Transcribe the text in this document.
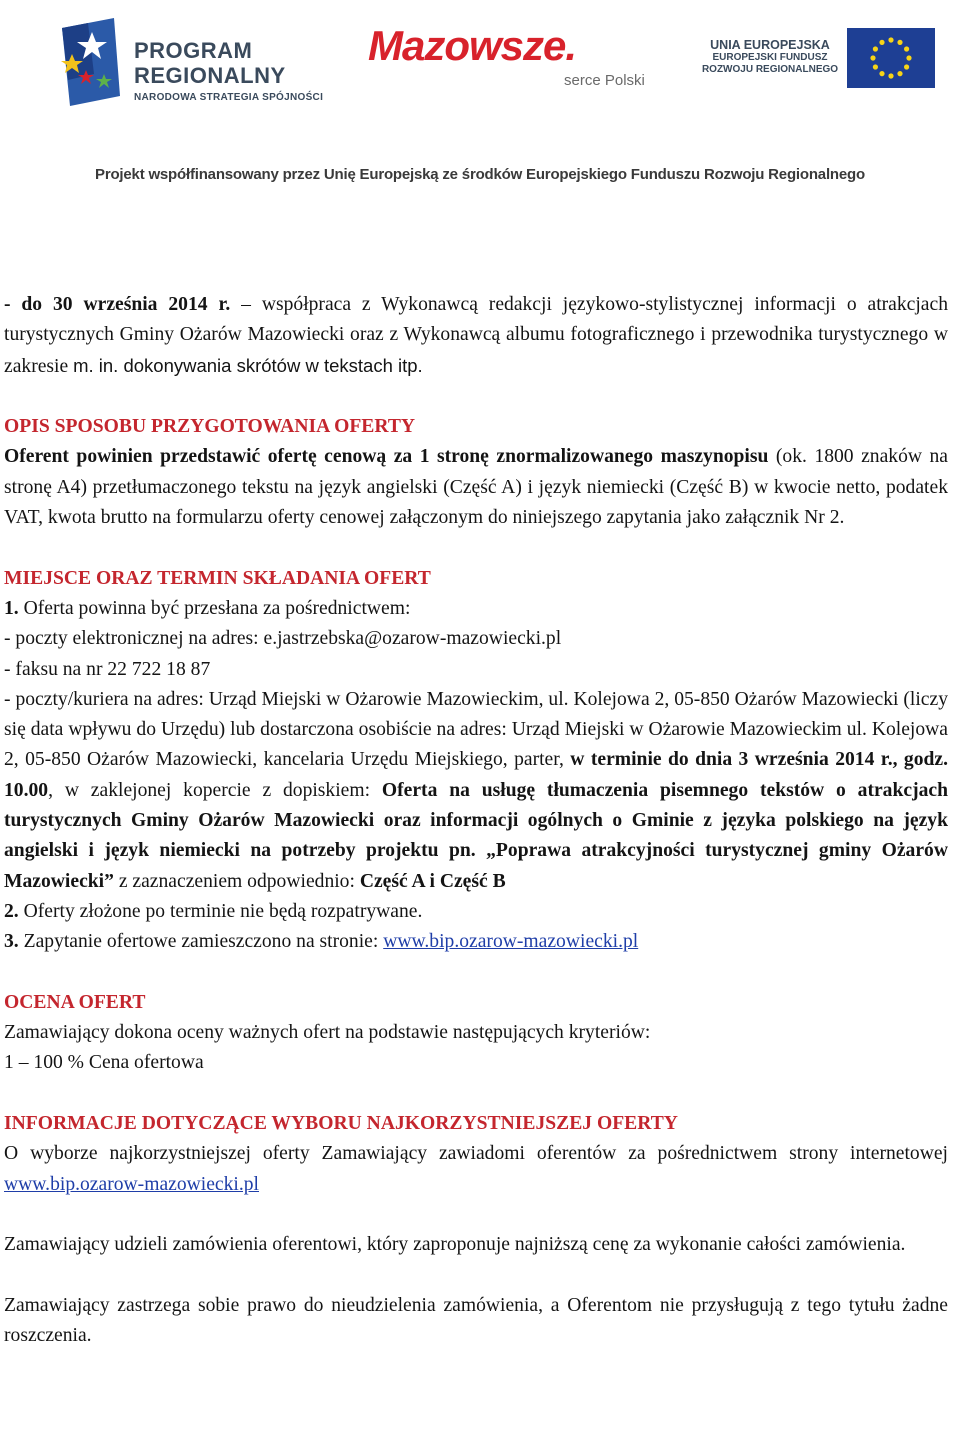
PROGRAM
REGIONALNY
NARODOWA STRATEGIA SPÓJNOŚCI
Mazowsze.
serce Polski
UNIA EUROPEJSKA
EUROPEJSKI FUNDUSZ
ROZWOJU REGIONALNEGO
Projekt współfinansowany przez Unię Europejską ze środków Europejskiego Funduszu Rozwoju Regionalnego

- do 30 września 2014 r. – współpraca z Wykonawcą redakcji językowo-stylistycznej informacji o atrakcjach turystycznych Gminy Ożarów Mazowiecki oraz z Wykonawcą albumu fotograficznego i przewodnika turystycznego w zakresie m. in. dokonywania skrótów w tekstach itp.

OPIS SPOSOBU PRZYGOTOWANIA OFERTY

Oferent powinien przedstawić ofertę cenową za 1 stronę znormalizowanego maszynopisu (ok. 1800 znaków na stronę A4) przetłumaczonego tekstu na język angielski (Część A) i język niemiecki (Część B) w kwocie netto, podatek VAT, kwota brutto na formularzu oferty cenowej załączonym do niniejszego zapytania jako załącznik Nr 2.

MIEJSCE ORAZ TERMIN SKŁADANIA OFERT

1. Oferta powinna być przesłana za pośrednictwem:

- poczty elektronicznej na adres: e.jastrzebska@ozarow-mazowiecki.pl

- faksu na nr 22 722 18 87

- poczty/kuriera na adres: Urząd Miejski w Ożarowie Mazowieckim, ul. Kolejowa 2, 05-850 Ożarów Mazowiecki (liczy się data wpływu do Urzędu) lub dostarczona osobiście na adres: Urząd Miejski w Ożarowie Mazowieckim ul. Kolejowa 2, 05-850 Ożarów Mazowiecki, kancelaria Urzędu Miejskiego, parter, w terminie do dnia 3 września 2014 r., godz. 10.00, w zaklejonej kopercie z dopiskiem: Oferta na usługę tłumaczenia pisemnego tekstów o atrakcjach turystycznych Gminy Ożarów Mazowiecki oraz informacji ogólnych o Gminie z języka polskiego na język angielski i język niemiecki na potrzeby projektu pn. „Poprawa atrakcyjności turystycznej gminy Ożarów Mazowiecki” z zaznaczeniem odpowiednio: Część A i Część B

2. Oferty złożone po terminie nie będą rozpatrywane.

3. Zapytanie ofertowe zamieszczono na stronie: www.bip.ozarow-mazowiecki.pl

OCENA OFERT

Zamawiający dokona oceny ważnych ofert na podstawie następujących kryteriów:

1 – 100 % Cena ofertowa

INFORMACJE DOTYCZĄCE WYBORU NAJKORZYSTNIEJSZEJ OFERTY

O wyborze najkorzystniejszej oferty Zamawiający zawiadomi oferentów za pośrednictwem strony internetowej www.bip.ozarow-mazowiecki.pl

Zamawiający udzieli zamówienia oferentowi, który zaproponuje najniższą cenę za wykonanie całości zamówienia.

Zamawiający zastrzega sobie prawo do nieudzielenia zamówienia, a Oferentom nie przysługują z tego tytułu żadne roszczenia.
